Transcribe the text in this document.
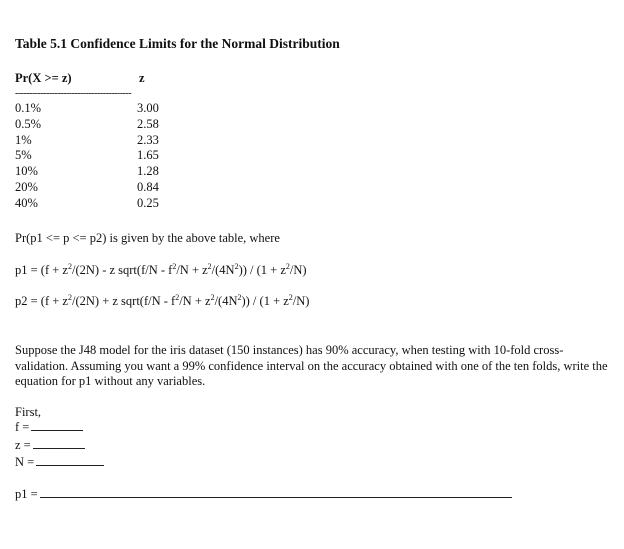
Table 5.1 Confidence Limits for the Normal Distribution
Pr(X >= z)	z
-----------------------------------------
0.1%	3.00
0.5%	2.58
1%	2.33
5%	1.65
10%	1.28
20%	0.84
40%	0.25
Pr(p1 <= p <= p2) is given by the above table, where
$p1 = (f + z^2/(2N) - z$ sqrt(f/N - $f^2/N + z^2/(4N^2)) / (1 + z^2/N)$
$p2 = (f + z^2/(2N) + z$ sqrt(f/N - $f^2/N + z^2/(4N^2)) / (1 + z^2/N)$
Suppose the J48 model for the iris dataset (150 instances) has 90% accuracy, when testing with 10-fold cross-validation. Assuming you want a 99% confidence interval on the accuracy obtained with one of the ten folds, write the equation for p1 without any variables.
First,
f =
z =
N =
p1 =
